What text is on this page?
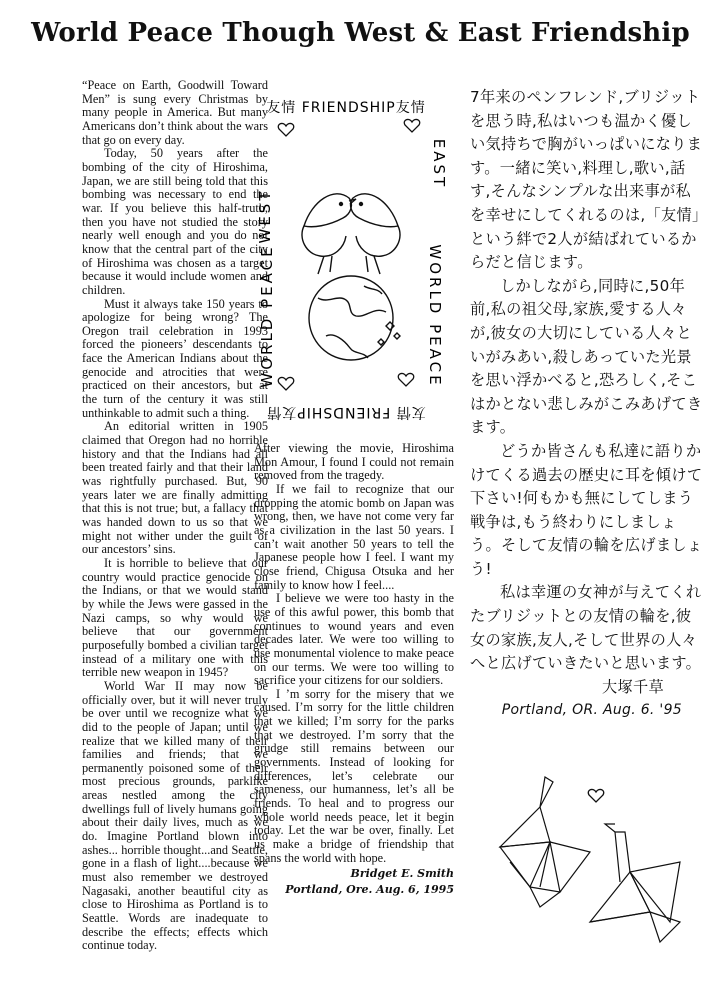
World Peace Though West & East Friendship

“Peace on Earth, Goodwill Toward Men” is sung every Christmas by many people in America. But many Americans don’t think about the wars that go on every day.

Today, 50 years after the bombing of the city of Hiroshima, Japan, we are still being told that this bombing was necessary to end the war. If you believe this half-truth, then you have not studied the story nearly well enough and you do not know that the central part of the city of Hiroshima was chosen as a target because it would include women and children.

Must it always take 150 years to apologize for being wrong? The Oregon trail celebration in 1993 forced the pioneers’ descendants to face the American Indians about the genocide and atrocities that were practiced on their ancestors, but at the turn of the century it was still unthinkable to admit such a thing.

An editorial written in 1905 claimed that Oregon had no horrible history and that the Indians had all been treated fairly and that their land was rightfully purchased. But, 90 years later we are finally admitting that this is not true; but, a fallacy that was handed down to us so that we might not wither under the guilt of our ancestors’ sins.

It is horrible to believe that our country would practice genocide on the Indians, or that we would stand by while the Jews were gassed in the Nazi camps, so why would we believe that our government purposefully bombed a civilian target instead of a military one with this terrible new weapon in 1945?

World War II may now be officially over, but it will never truly be over until we recognize what we did to the people of Japan; until we realize that we killed many of their families and friends; that we permanently poisoned some of their most precious grounds, parklike areas nestled among the city dwellings full of lively humans going about their daily lives, much as we do. Imagine Portland blown into ashes... horrible thought...and Seattle, gone in a flash of light....because we must also remember we destroyed Nagasaki, another beautiful city as close to Hiroshima as Portland is to Seattle. Words are inadequate to describe the effects; effects which continue today.

友情 FRIENDSHIP友情
友情 FRIENDSHIP友情
WEST
EAST
WORLD PEACE	WORLD PEACE

After viewing the movie, Hiroshima Mon Amour, I found I could not remain removed from the tragedy.

If we fail to recognize that our dropping the atomic bomb on Japan was wrong, then, we have not come very far as a civilization in the last 50 years. I can’t wait another 50 years to tell the Japanese people how I feel. I want my close friend, Chigusa Otsuka and her family to know how I feel....

I believe we were too hasty in the use of this awful power, this bomb that continues to wound years and even decades later. We were too willing to use monumental violence to make peace on our terms. We were too willing to sacrifice your citizens for our soldiers.

I ’m sorry for the misery that we caused. I’m sorry for the little children that we killed; I’m sorry for the parks that we destroyed. I’m sorry that the grudge still remains between our governments. Instead of looking for differences, let’s celebrate our sameness, our humanness, let’s all be friends. To heal and to progress our whole world needs peace, let it begin today. Let the war be over, finally. Let us make a bridge of friendship that spans the world with hope.

Bridget E. Smith
Portland, Ore. Aug. 6, 1995

7年来のペンフレンド,ブリジットを思う時,私はいつも温かく優しい気持ちで胸がいっぱいになります。一緒に笑い,料理し,歌い,話す,そんなシンプルな出来事が私を幸せにしてくれるのは,「友情」という絆で2人が結ばれているからだと信じます。

しかしながら,同時に,50年前,私の祖父母,家族,愛する人々が,彼女の大切にしている人々といがみあい,殺しあっていた光景を思い浮かべると,恐ろしく,そこはかとない悲しみがこみあげてきます。

どうか皆さんも私達に語りかけてくる過去の歴史に耳を傾けて下さい!何もかも無にしてしまう戦争は,もう終わりにしましょう。そして友情の輪を広げましょう!

私は幸運の女神が与えてくれたブリジットとの友情の輪を,彼女の家族,友人,そして世界の人々へと広げていきたいと思います。

大塚千草

Portland, OR. Aug. 6. '95
